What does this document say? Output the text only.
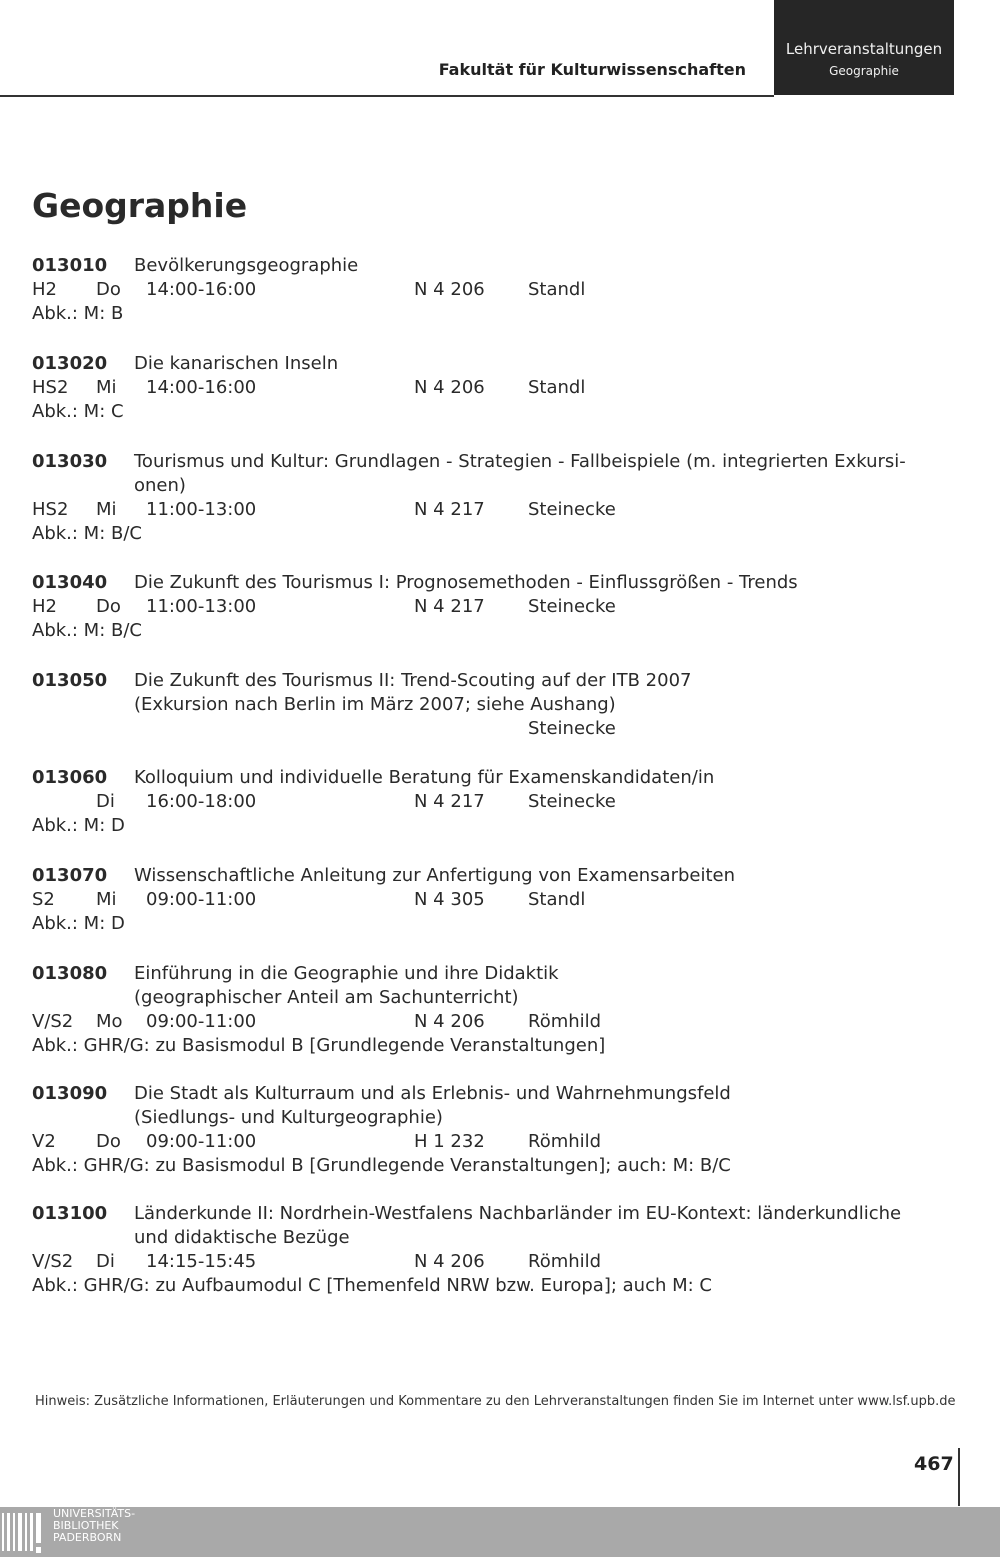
Fakultät für Kulturwissenschaften
Lehrveranstaltungen
Geographie
Geographie
013010 Bevölkerungsgeographie
H2 Do 14:00-16:00	N 4 206 Standl
Abk.: M: B
013020 Die kanarischen Inseln
HS2 Mi 14:00-16:00	N 4 206 Standl
Abk.: M: C
013030 Tourismus und Kultur: Grundlagen - Strategien - Fallbeispiele (m. integrierten Exkursi-
onen)
HS2 Mi 11:00-13:00	N 4 217 Steinecke
Abk.: M: B/C
013040 Die Zukunft des Tourismus I: Prognosemethoden - Einflussgrößen - Trends
H2 Do 11:00-13:00	N 4 217 Steinecke
Abk.: M: B/C
013050 Die Zukunft des Tourismus II: Trend-Scouting auf der ITB 2007
(Exkursion nach Berlin im März 2007; siehe Aushang)
Steinecke
013060 Kolloquium und individuelle Beratung für Examenskandidaten/in
Di 16:00-18:00	N 4 217 Steinecke
Abk.: M: D
013070 Wissenschaftliche Anleitung zur Anfertigung von Examensarbeiten
S2 Mi 09:00-11:00	N 4 305 Standl
Abk.: M: D
013080 Einführung in die Geographie und ihre Didaktik
(geographischer Anteil am Sachunterricht)
V/S2 Mo 09:00-11:00	N 4 206 Römhild
Abk.: GHR/G: zu Basismodul B [Grundlegende Veranstaltungen]
013090 Die Stadt als Kulturraum und als Erlebnis- und Wahrnehmungsfeld
(Siedlungs- und Kulturgeographie)
V2 Do 09:00-11:00	H 1 232 Römhild
Abk.: GHR/G: zu Basismodul B [Grundlegende Veranstaltungen]; auch: M: B/C
013100 Länderkunde II: Nordrhein-Westfalens Nachbarländer im EU-Kontext: länderkundliche
und didaktische Bezüge
V/S2 Di 14:15-15:45	N 4 206 Römhild
Abk.: GHR/G: zu Aufbaumodul C [Themenfeld NRW bzw. Europa]; auch M: C
Hinweis: Zusätzliche Informationen, Erläuterungen und Kommentare zu den Lehrveranstaltungen finden Sie im Internet unter www.lsf.upb.de
467
UNIVERSITÄTS-
BIBLIOTHEK
PADERBORN
